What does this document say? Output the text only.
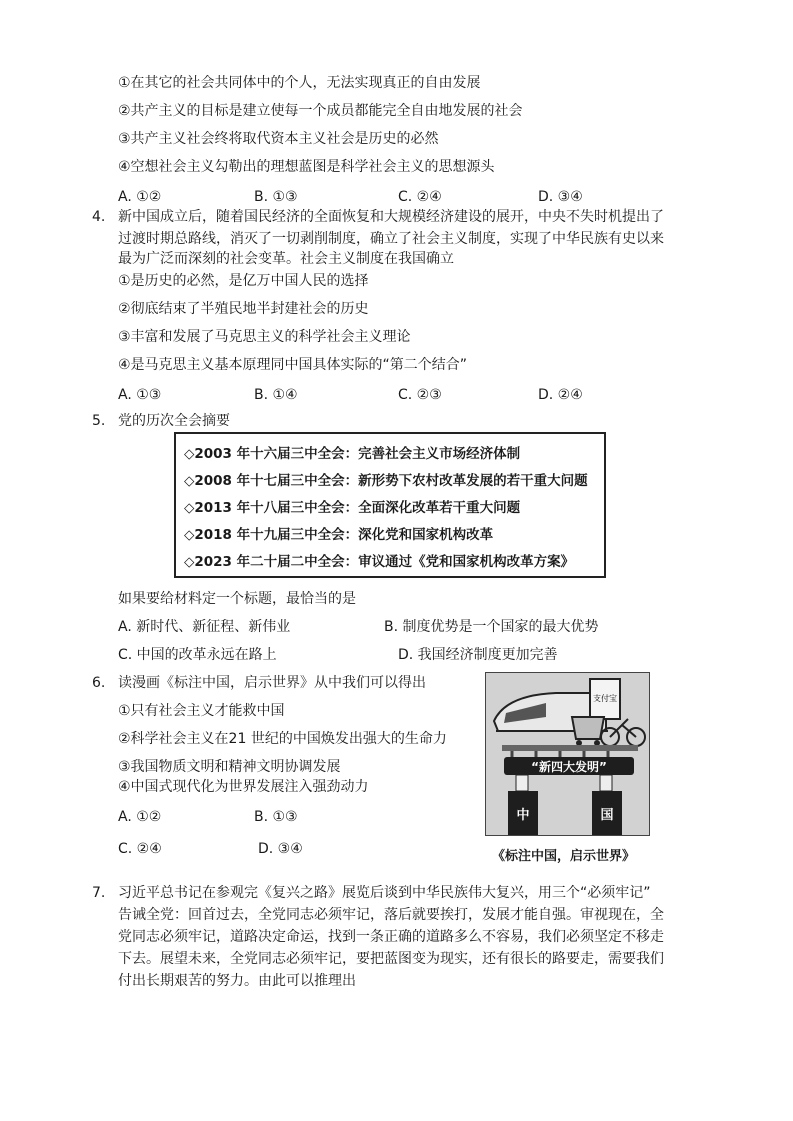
①在其它的社会共同体中的个人，无法实现真正的自由发展
②共产主义的目标是建立使每一个成员都能完全自由地发展的社会
③共产主义社会终将取代资本主义社会是历史的必然
④空想社会主义勾勒出的理想蓝图是科学社会主义的思想源头
A. ①②	B. ①③	C. ②④	D. ③④
4. 新中国成立后，随着国民经济的全面恢复和大规模经济建设的展开，中央不失时机提出了
过渡时期总路线，消灭了一切剥削制度，确立了社会主义制度，实现了中华民族有史以来
最为广泛而深刻的社会变革。社会主义制度在我国确立
①是历史的必然，是亿万中国人民的选择
②彻底结束了半殖民地半封建社会的历史
③丰富和发展了马克思主义的科学社会主义理论
④是马克思主义基本原理同中国具体实际的“第二个结合”
A. ①③	B. ①④	C. ②③	D. ②④
5. 党的历次全会摘要
◇2003 年十六届三中全会：完善社会主义市场经济体制
◇2008 年十七届三中全会：新形势下农村改革发展的若干重大问题
◇2013 年十八届三中全会：全面深化改革若干重大问题
◇2018 年十九届三中全会：深化党和国家机构改革
◇2023 年二十届二中全会：审议通过《党和国家机构改革方案》
如果要给材料定一个标题，最恰当的是
A. 新时代、新征程、新伟业	B. 制度优势是一个国家的最大优势
C. 中国的改革永远在路上	D. 我国经济制度更加完善
6. 读漫画《标注中国，启示世界》从中我们可以得出
①只有社会主义才能救中国
②科学社会主义在21 世纪的中国焕发出强大的生命力
③我国物质文明和精神文明协调发展
④中国式现代化为世界发展注入强劲动力
A. ①②	B. ①③
C. ②④	D. ③④
支付宝
“新四大发明”
中	国
《标注中国，启示世界》
7. 习近平总书记在参观完《复兴之路》展览后谈到中华民族伟大复兴，用三个“必须牢记”
告诫全党：回首过去，全党同志必须牢记，落后就要挨打，发展才能自强。审视现在，全
党同志必须牢记，道路决定命运，找到一条正确的道路多么不容易，我们必须坚定不移走
下去。展望未来，全党同志必须牢记，要把蓝图变为现实，还有很长的路要走，需要我们
付出长期艰苦的努力。由此可以推理出
